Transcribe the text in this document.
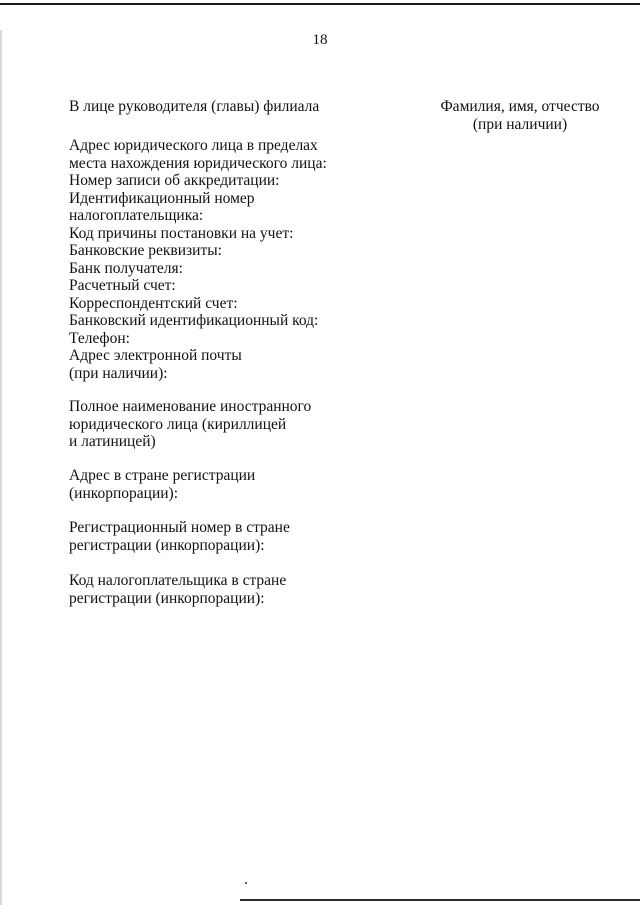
18
В лице руководителя (главы) филиала	Фамилия, имя, отчество
(при наличии)
Адрес юридического лица в пределах
места нахождения юридического лица:
Номер записи об аккредитации:
Идентификационный номер
налогоплательщика:
Код причины постановки на учет:
Банковские реквизиты:
Банк получателя:
Расчетный счет:
Корреспондентский счет:
Банковский идентификационный код:
Телефон:
Адрес электронной почты
(при наличии):
Полное наименование иностранного
юридического лица (кириллицей
и латиницей)
Адрес в стране регистрации
(инкорпорации):
Регистрационный номер в стране
регистрации (инкорпорации):
Код налогоплательщика в стране
регистрации (инкорпорации):
